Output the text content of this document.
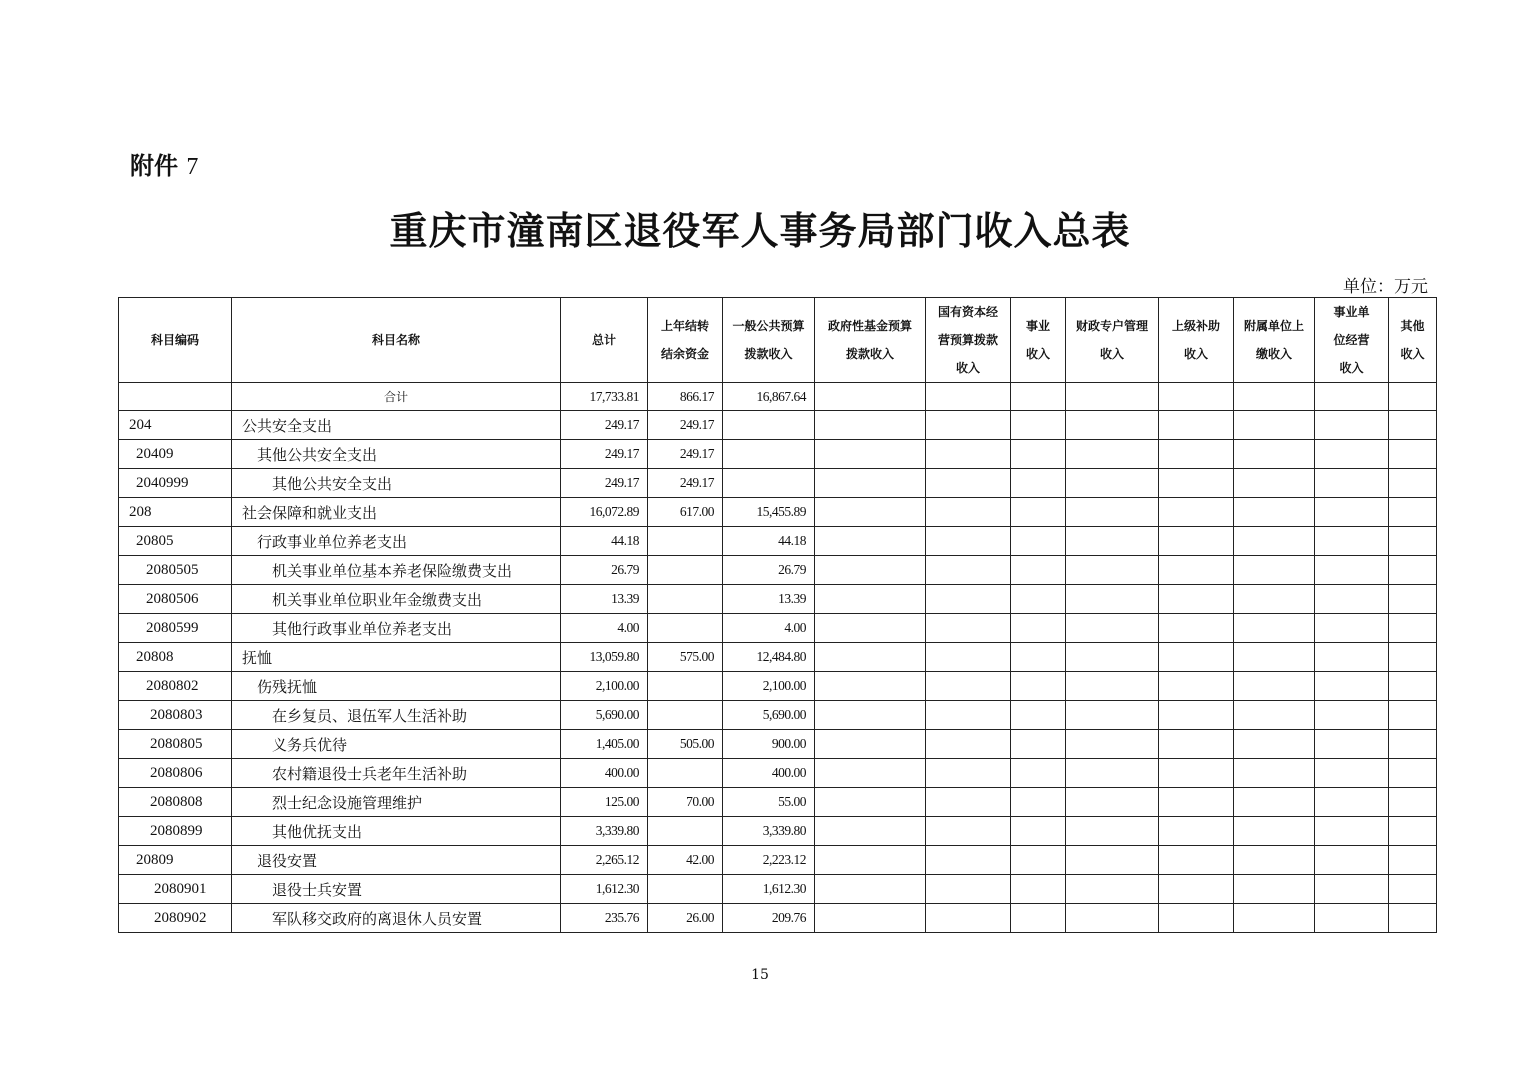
附件 7
重庆市潼南区退役军人事务局部门收入总表
单位：万元
科目编码	科目名称	总计	上年结转结余资金	一般公共预算拨款收入	政府性基金预算拨款收入	国有资本经营预算拨款收入	事业收入	财政专户管理收入	上级补助收入	附属单位上缴收入	事业单位经营收入	其他收入
	合计	17,733.81	866.17	16,867.64								
204	公共安全支出	249.17	249.17									
20409	其他公共安全支出	249.17	249.17									
2040999	其他公共安全支出	249.17	249.17									
208	社会保障和就业支出	16,072.89	617.00	15,455.89								
20805	行政事业单位养老支出	44.18		44.18								
2080505	机关事业单位基本养老保险缴费支出	26.79		26.79								
2080506	机关事业单位职业年金缴费支出	13.39		13.39								
2080599	其他行政事业单位养老支出	4.00		4.00								
20808	抚恤	13,059.80	575.00	12,484.80								
2080802	伤残抚恤	2,100.00		2,100.00								
2080803	在乡复员、退伍军人生活补助	5,690.00		5,690.00								
2080805	义务兵优待	1,405.00	505.00	900.00								
2080806	农村籍退役士兵老年生活补助	400.00		400.00								
2080808	烈士纪念设施管理维护	125.00	70.00	55.00								
2080899	其他优抚支出	3,339.80		3,339.80								
20809	退役安置	2,265.12	42.00	2,223.12								
2080901	退役士兵安置	1,612.30		1,612.30								
2080902	军队移交政府的离退休人员安置	235.76	26.00	209.76								
15
